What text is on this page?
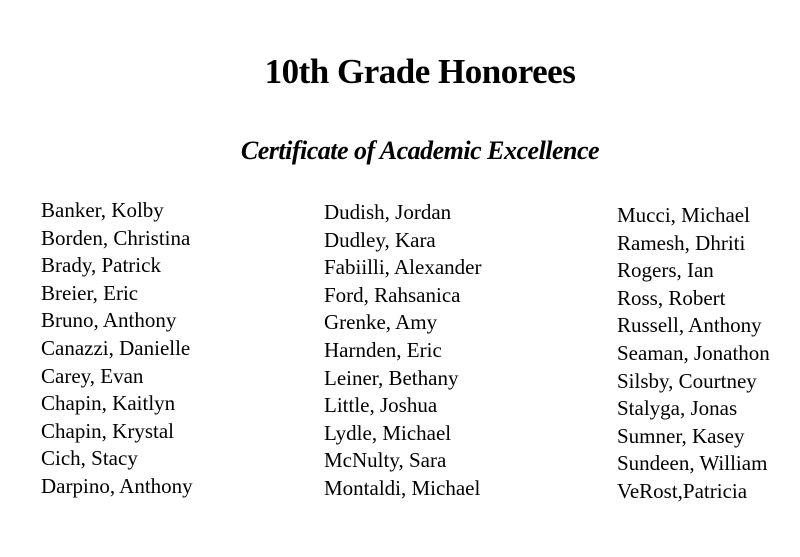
10th Grade Honorees
Certificate of Academic Excellence
Banker, Kolby
Borden, Christina
Brady, Patrick
Breier, Eric
Bruno, Anthony
Canazzi, Danielle
Carey, Evan
Chapin, Kaitlyn
Chapin, Krystal
Cich, Stacy
Darpino, Anthony
Dudish, Jordan
Dudley, Kara
Fabiilli, Alexander
Ford, Rahsanica
Grenke, Amy
Harnden, Eric
Leiner, Bethany
Little, Joshua
Lydle, Michael
McNulty, Sara
Montaldi, Michael
Mucci, Michael
Ramesh, Dhriti
Rogers, Ian
Ross, Robert
Russell, Anthony
Seaman, Jonathon
Silsby, Courtney
Stalyga, Jonas
Sumner, Kasey
Sundeen, William
VeRost,Patricia
